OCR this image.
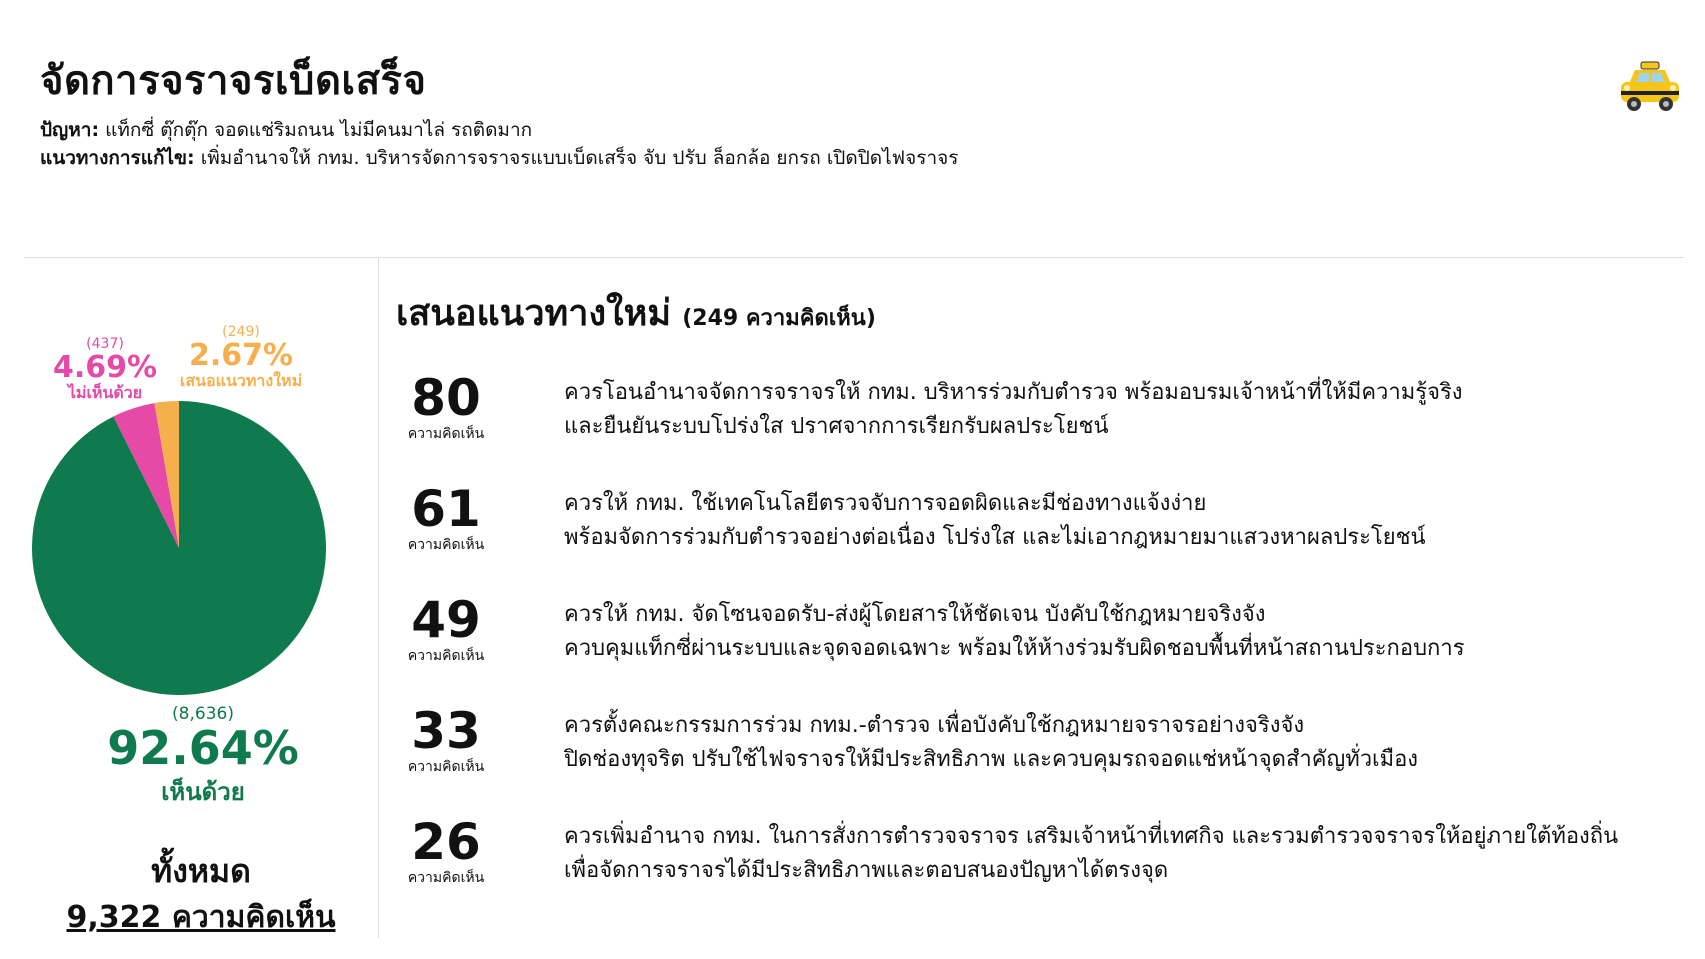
จัดการจราจรเบ็ดเสร็จ
ปัญหา: แท็กซี่ ตุ๊กตุ๊ก จอดแช่ริมถนน ไม่มีคนมาไล่ รถติดมาก
แนวทางการแก้ไข: เพิ่มอำนาจให้ กทม. บริหารจัดการจราจรแบบเบ็ดเสร็จ จับ ปรับ ล็อกล้อ ยกรถ เปิดปิดไฟจราจร
(437)
4.69%
ไม่เห็นด้วย
(249)
2.67%
เสนอแนวทางใหม่
(8,636)
92.64%
เห็นด้วย
ทั้งหมด
9,322 ความคิดเห็น
เสนอแนวทางใหม่ (249 ความคิดเห็น)
80
ความคิดเห็น
ควรโอนอำนาจจัดการจราจรให้ กทม. บริหารร่วมกับตำรวจ พร้อมอบรมเจ้าหน้าที่ให้มีความรู้จริง
และยืนยันระบบโปร่งใส ปราศจากการเรียกรับผลประโยชน์
61
ความคิดเห็น
ควรให้ กทม. ใช้เทคโนโลยีตรวจจับการจอดผิดและมีช่องทางแจ้งง่าย
พร้อมจัดการร่วมกับตำรวจอย่างต่อเนื่อง โปร่งใส และไม่เอากฎหมายมาแสวงหาผลประโยชน์
49
ความคิดเห็น
ควรให้ กทม. จัดโซนจอดรับ-ส่งผู้โดยสารให้ชัดเจน บังคับใช้กฎหมายจริงจัง
ควบคุมแท็กซี่ผ่านระบบและจุดจอดเฉพาะ พร้อมให้ห้างร่วมรับผิดชอบพื้นที่หน้าสถานประกอบการ
33
ความคิดเห็น
ควรตั้งคณะกรรมการร่วม กทม.-ตำรวจ เพื่อบังคับใช้กฎหมายจราจรอย่างจริงจัง
ปิดช่องทุจริต ปรับใช้ไฟจราจรให้มีประสิทธิภาพ และควบคุมรถจอดแช่หน้าจุดสำคัญทั่วเมือง
26
ความคิดเห็น
ควรเพิ่มอำนาจ กทม. ในการสั่งการตำรวจจราจร เสริมเจ้าหน้าที่เทศกิจ และรวมตำรวจจราจรให้อยู่ภายใต้ท้องถิ่น
เพื่อจัดการจราจรได้มีประสิทธิภาพและตอบสนองปัญหาได้ตรงจุด
